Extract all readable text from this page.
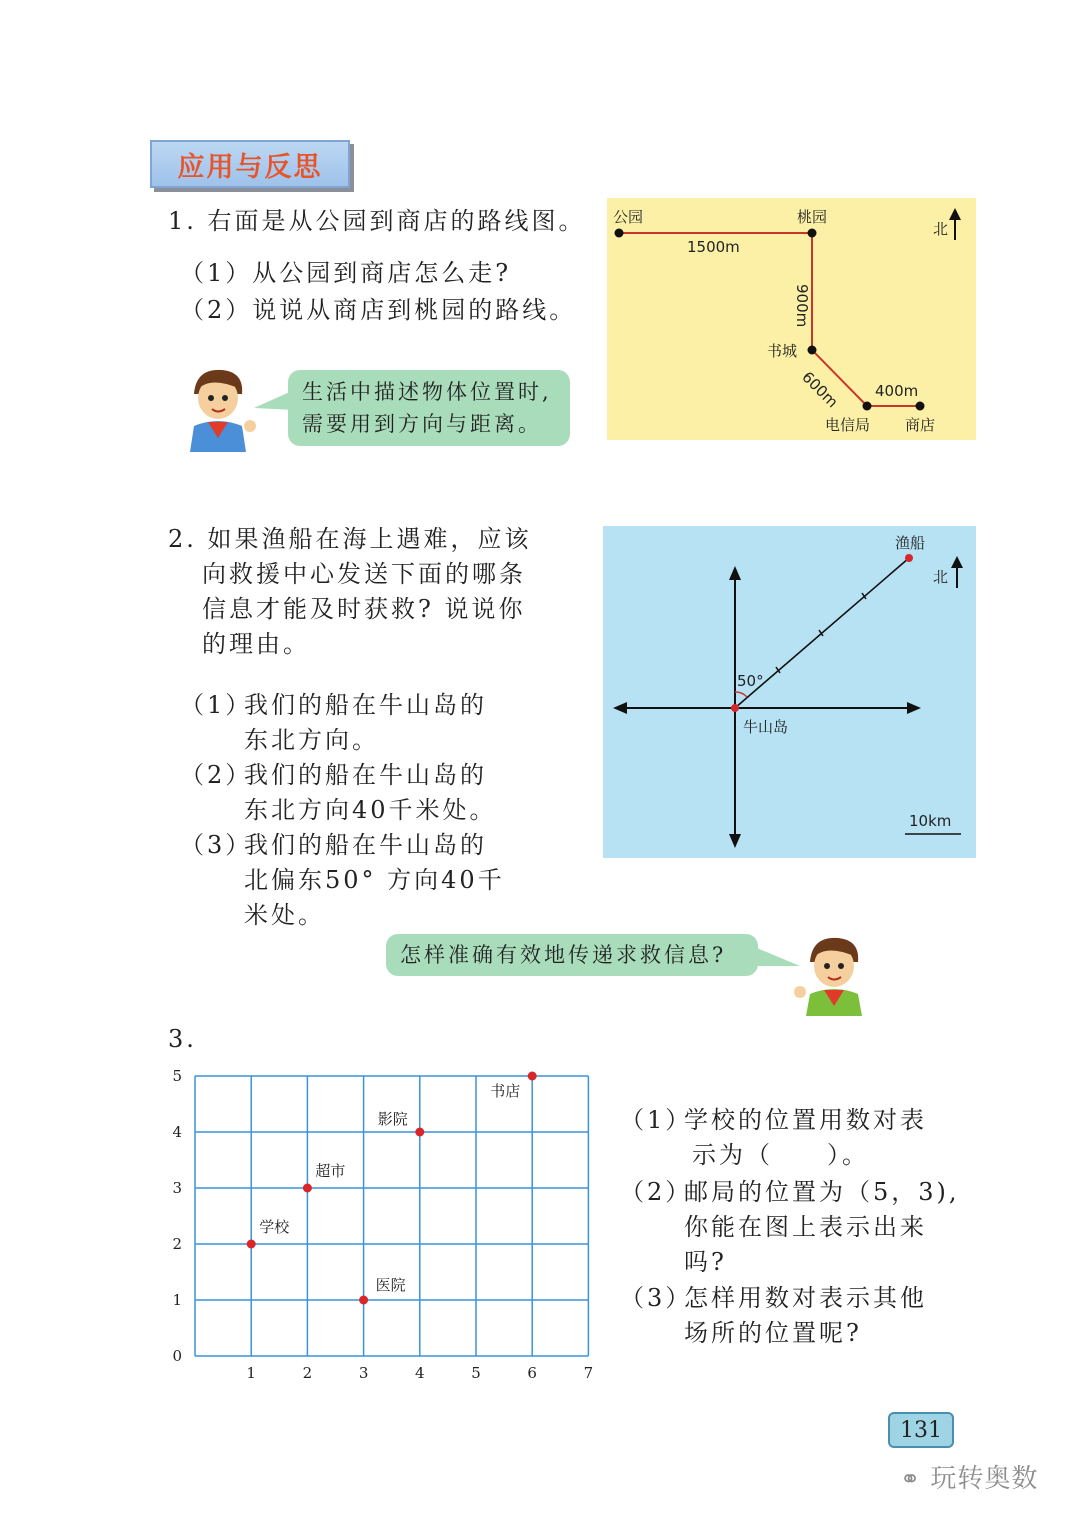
应用与反思
1. 右面是从公园到商店的路线图。
（1）从公园到商店怎么走?
（2）说说从商店到桃园的路线。
生活中描述物体位置时,
需要用到方向与距离。
公园	桃园
北
1500m
900m
书城
600m 400m
电信局 商店
2. 如果渔船在海上遇难，应该
向救援中心发送下面的哪条
信息才能及时获救? 说说你
的理由。
（1）
我们的船在牛山岛的
东北方向。
（2）
我们的船在牛山岛的
东北方向40千米处。
（3）
我们的船在牛山岛的
北偏东50° 方向40千
米处。
渔船
北
50°
牛山岛
10km
怎样准确有效地传递求救信息?
3.
1	2	3	4	5	6	7
0
1
2
3
4
5
学校
超市
医院
影院
书店
（1）
学校的位置用数对表
示为（　　）。
（2）
邮局的位置为（5，3),
你能在图上表示出来
吗?
（3）
怎样用数对表示其他
场所的位置呢?
131
⚭ 玩转奥数
